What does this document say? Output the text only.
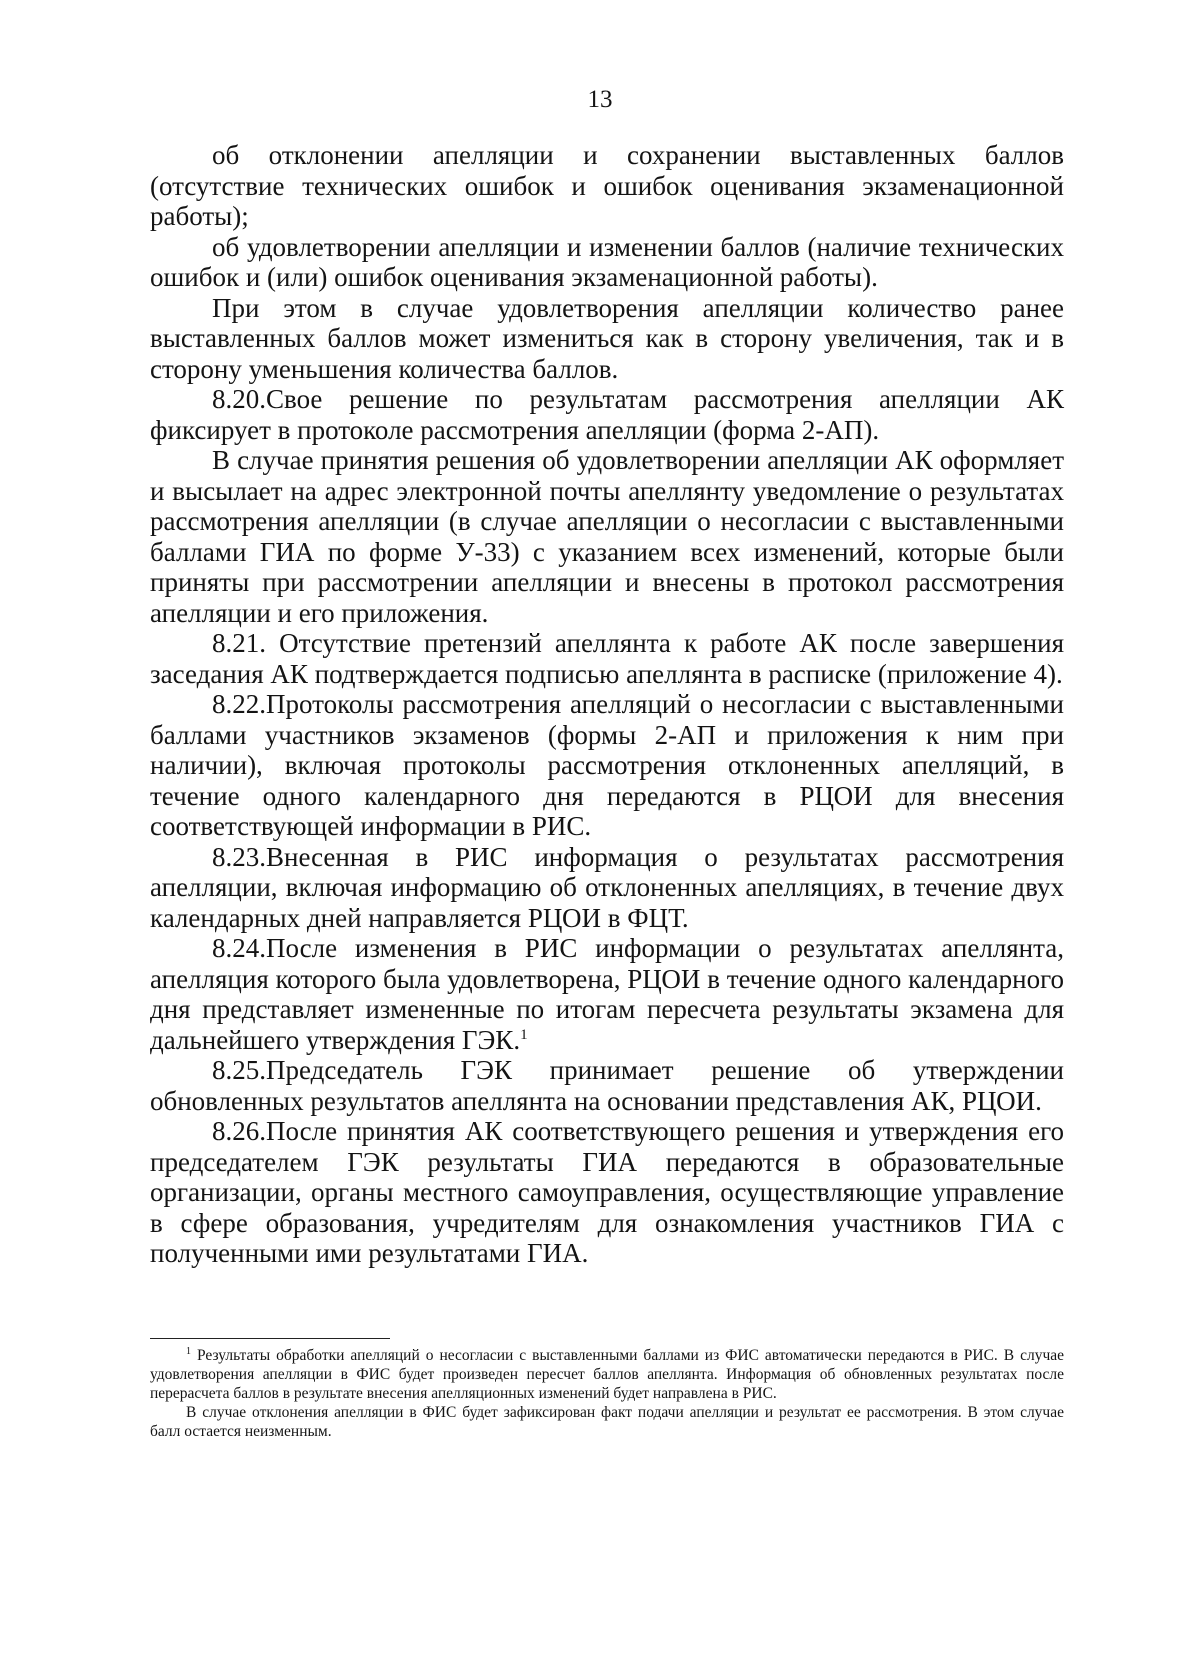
13

об отклонении апелляции и сохранении выставленных баллов (отсутствие технических ошибок и ошибок оценивания экзаменационной работы);

об удовлетворении апелляции и изменении баллов (наличие технических ошибок и (или) ошибок оценивания экзаменационной работы).

При этом в случае удовлетворения апелляции количество ранее выставленных баллов может измениться как в сторону увеличения, так и в сторону уменьшения количества баллов.

8.20.Свое решение по результатам рассмотрения апелляции АК фиксирует в протоколе рассмотрения апелляции (форма 2-АП).

В случае принятия решения об удовлетворении апелляции АК оформляет и высылает на адрес электронной почты апеллянту уведомление о результатах рассмотрения апелляции (в случае апелляции о несогласии с выставленными баллами ГИА по форме У-33) с указанием всех изменений, которые были приняты при рассмотрении апелляции и внесены в протокол рассмотрения апелляции и его приложения.

8.21. Отсутствие претензий апеллянта к работе АК после завершения заседания АК подтверждается подписью апеллянта в расписке (приложение 4).

8.22.Протоколы рассмотрения апелляций о несогласии с выставленными баллами участников экзаменов (формы 2-АП и приложения к ним при наличии), включая протоколы рассмотрения отклоненных апелляций, в течение одного календарного дня передаются в РЦОИ для внесения соответствующей информации в РИС.

8.23.Внесенная в РИС информация о результатах рассмотрения апелляции, включая информацию об отклоненных апелляциях, в течение двух календарных дней направляется РЦОИ в ФЦТ.

8.24.После изменения в РИС информации о результатах апеллянта, апелляция которого была удовлетворена, РЦОИ в течение одного календарного дня представляет измененные по итогам пересчета результаты экзамена для дальнейшего утверждения ГЭК.$^1$

8.25.Председатель ГЭК принимает решение об утверждении обновленных результатов апеллянта на основании представления АК, РЦОИ.

8.26.После принятия АК соответствующего решения и утверждения его председателем ГЭК результаты ГИА передаются в образовательные организации, органы местного самоуправления, осуществляющие управление в сфере образования, учредителям для ознакомления участников ГИА с полученными ими результатами ГИА.

$^1$ Результаты обработки апелляций о несогласии с выставленными баллами из ФИС автоматически передаются в РИС. В случае удовлетворения апелляции в ФИС будет произведен пересчет баллов апеллянта. Информация об обновленных результатах после перерасчета баллов в результате внесения апелляционных изменений будет направлена в РИС.

В случае отклонения апелляции в ФИС будет зафиксирован факт подачи апелляции и результат ее рассмотрения. В этом случае балл остается неизменным.
